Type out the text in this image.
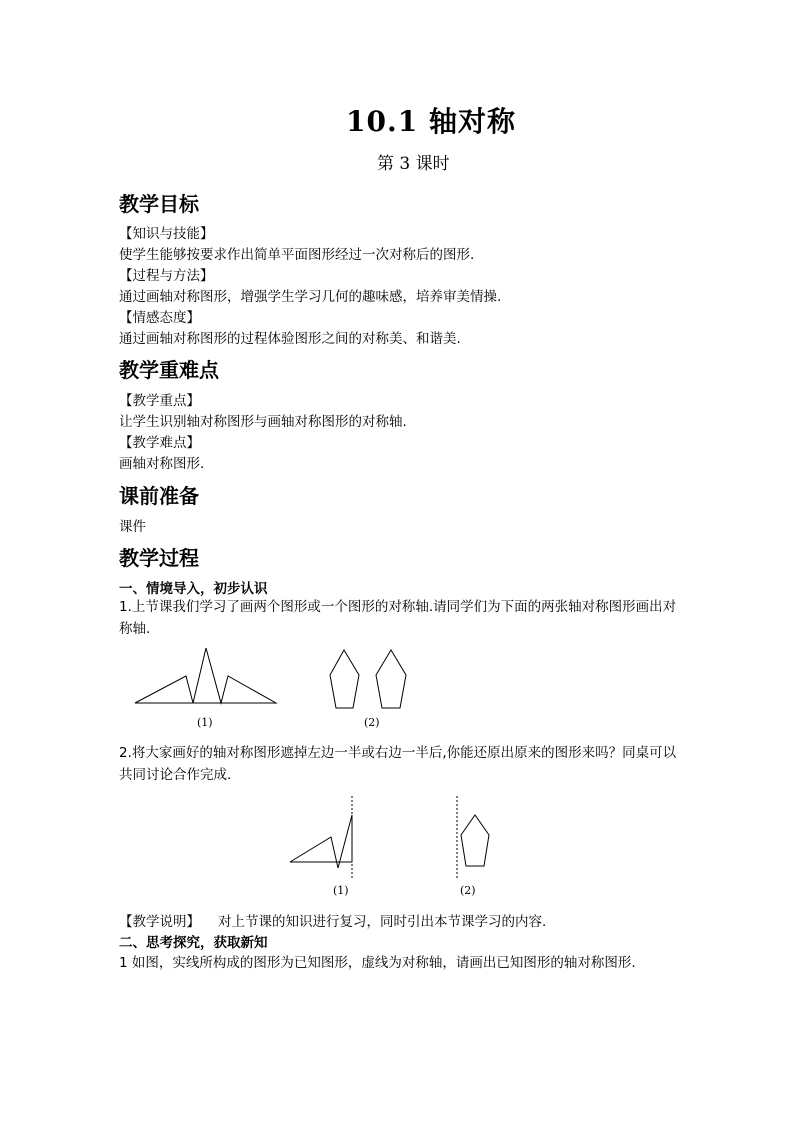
10.1 轴对称
第 3 课时
教学目标
【知识与技能】
使学生能够按要求作出简单平面图形经过一次对称后的图形.
【过程与方法】
通过画轴对称图形，增强学生学习几何的趣味感，培养审美情操.
【情感态度】
通过画轴对称图形的过程体验图形之间的对称美、和谐美.
教学重难点
【教学重点】
让学生识别轴对称图形与画轴对称图形的对称轴.
【教学难点】
画轴对称图形.
课前准备
课件
教学过程
一、情境导入，初步认识
1.上节课我们学习了画两个图形或一个图形的对称轴.请同学们为下面的两张轴对称图形画出对称轴.
(1)	(2)
2.将大家画好的轴对称图形遮掉左边一半或右边一半后,你能还原出原来的图形来吗？同桌可以共同讨论合作完成.
(1)	(2)
【教学说明】 对上节课的知识进行复习，同时引出本节课学习的内容.
二、思考探究，获取新知
1 如图，实线所构成的图形为已知图形，虚线为对称轴，请画出已知图形的轴对称图形.
